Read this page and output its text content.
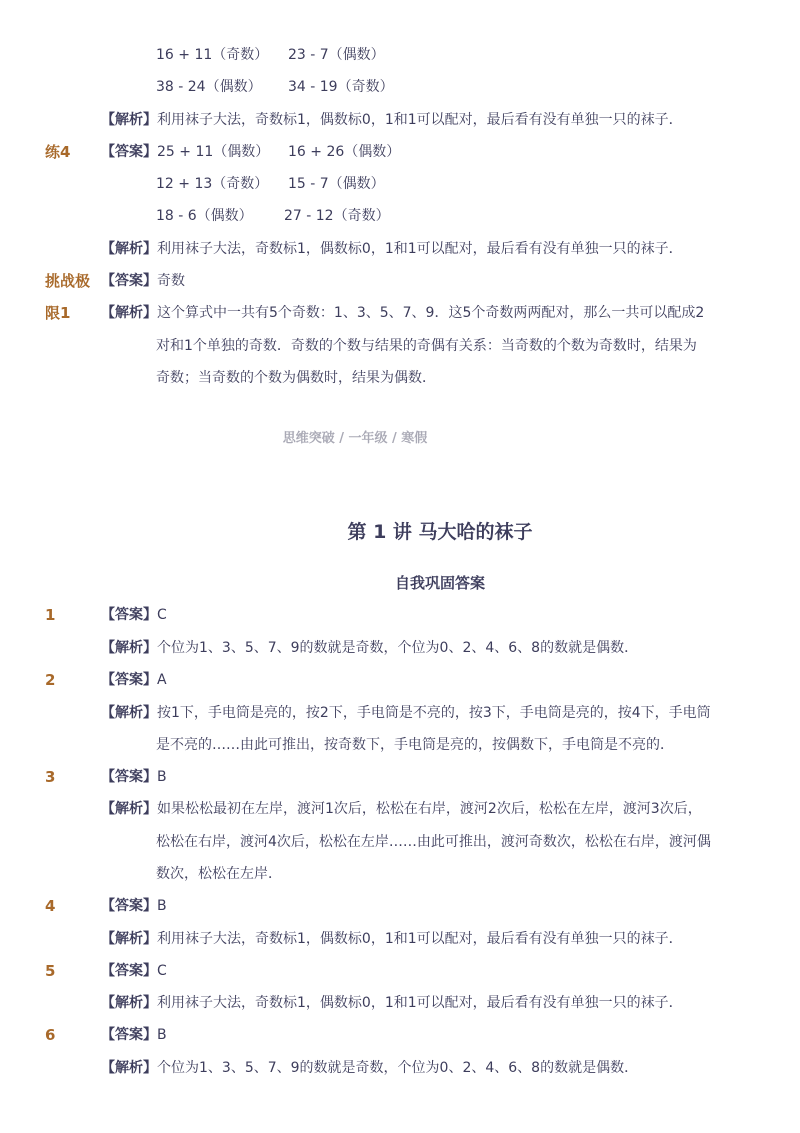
16 + 11（奇数） 23 - 7（偶数）
38 - 24（偶数） 34 - 19（奇数）
【解析】利用袜子大法，奇数标1，偶数标0，1和1可以配对，最后看有没有单独一只的袜子．
练4 【答案】25 + 11（偶数） 16 + 26（偶数）
12 + 13（奇数） 15 - 7（偶数）
18 - 6（偶数） 27 - 12（奇数）
【解析】利用袜子大法，奇数标1，偶数标0，1和1可以配对，最后看有没有单独一只的袜子．
挑战极 【答案】奇数
限1 【解析】这个算式中一共有5个奇数：1、3、5、7、9．这5个奇数两两配对，那么一共可以配成2
对和1个单独的奇数．奇数的个数与结果的奇偶有关系：当奇数的个数为奇数时，结果为
奇数；当奇数的个数为偶数时，结果为偶数．
思维突破 / 一年级 / 寒假
第 1 讲 马大哈的袜子
自我巩固答案
1	【答案】C
【解析】个位为1、3、5、7、9的数就是奇数，个位为0、2、4、6、8的数就是偶数．
2	【答案】A
【解析】按1下，手电筒是亮的，按2下，手电筒是不亮的，按3下，手电筒是亮的，按4下，手电筒
是不亮的……由此可推出，按奇数下，手电筒是亮的，按偶数下，手电筒是不亮的．
3	【答案】B
【解析】如果松松最初在左岸，渡河1次后，松松在右岸，渡河2次后，松松在左岸，渡河3次后，
松松在右岸，渡河4次后，松松在左岸……由此可推出，渡河奇数次，松松在右岸，渡河偶
数次，松松在左岸．
4	【答案】B
【解析】利用袜子大法，奇数标1，偶数标0，1和1可以配对，最后看有没有单独一只的袜子．
5	【答案】C
【解析】利用袜子大法，奇数标1，偶数标0，1和1可以配对，最后看有没有单独一只的袜子．
6	【答案】B
【解析】个位为1、3、5、7、9的数就是奇数，个位为0、2、4、6、8的数就是偶数．
